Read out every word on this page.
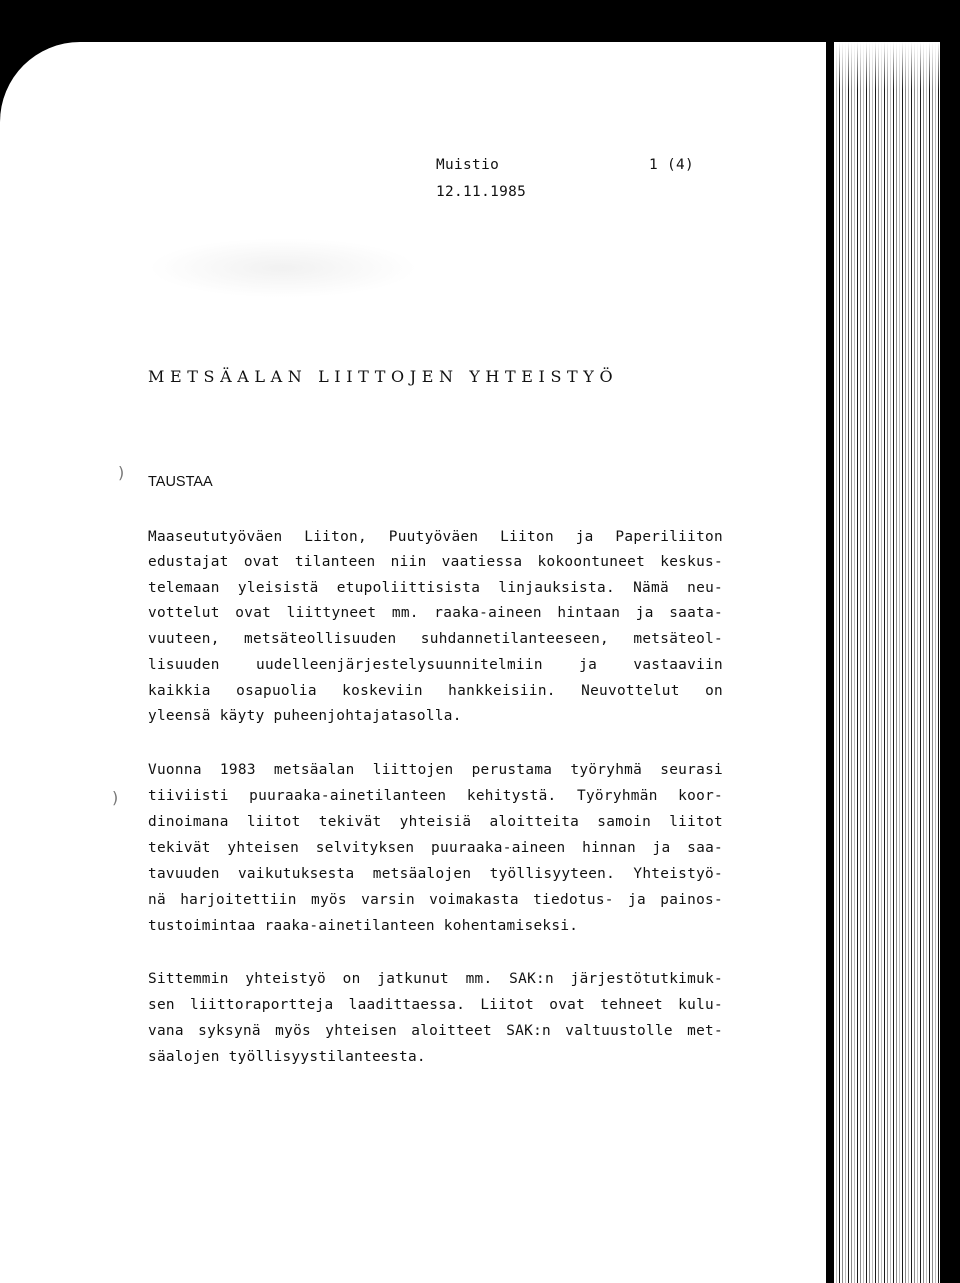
)
)
Muistio	1 (4)
12.11.1985
METSÄALAN LIITTOJEN YHTEISTYÖ
TAUSTAA
Maaseututyöväen Liiton, Puutyöväen Liiton ja Paperiliiton
edustajat ovat tilanteen niin vaatiessa kokoontuneet keskus-
telemaan yleisistä etupoliittisista linjauksista. Nämä neu-
vottelut ovat liittyneet mm. raaka-aineen hintaan ja saata-
vuuteen, metsäteollisuuden suhdannetilanteeseen, metsäteol-
lisuuden uudelleenjärjestelysuunnitelmiin ja vastaaviin
kaikkia osapuolia koskeviin hankkeisiin. Neuvottelut on
yleensä käyty puheenjohtajatasolla.
Vuonna 1983 metsäalan liittojen perustama työryhmä seurasi
tiiviisti puuraaka-ainetilanteen kehitystä. Työryhmän koor-
dinoimana liitot tekivät yhteisiä aloitteita samoin liitot
tekivät yhteisen selvityksen puuraaka-aineen hinnan ja saa-
tavuuden vaikutuksesta metsäalojen työllisyyteen. Yhteistyö-
nä harjoitettiin myös varsin voimakasta tiedotus- ja painos-
tustoimintaa raaka-ainetilanteen kohentamiseksi.
Sittemmin yhteistyö on jatkunut mm. SAK:n järjestötutkimuk-
sen liittoraportteja laadittaessa. Liitot ovat tehneet kulu-
vana syksynä myös yhteisen aloitteet SAK:n valtuustolle met-
säalojen työllisyystilanteesta.
